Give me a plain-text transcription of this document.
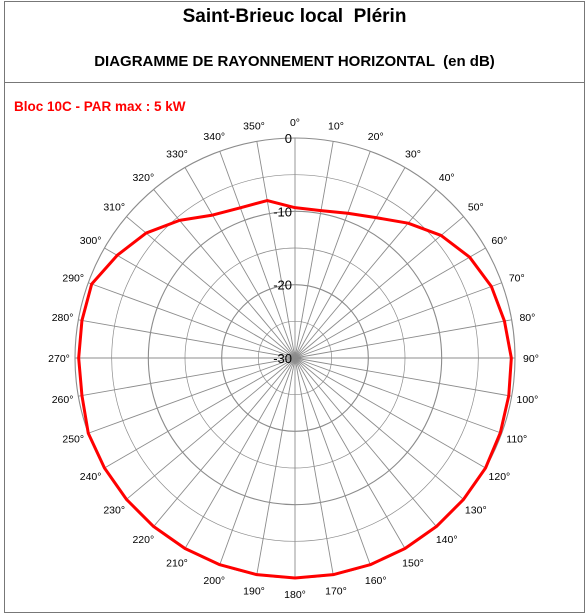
Saint-Brieuc local  Plérin
DIAGRAMME DE RAYONNEMENT HORIZONTAL  (en dB)
Bloc 10C - PAR max : 5 kW
0°	10°
20°
30°
40°
50°
60°
70°
80°
90°
100°
110°
120°
130°
140°
150°
160°
170°
180°
190°
200°
210°
220°
230°
240°
250°
260°
270°
280°
290°
300°
310°
320°
330°
340°
350°
0
-10
-20
-30
